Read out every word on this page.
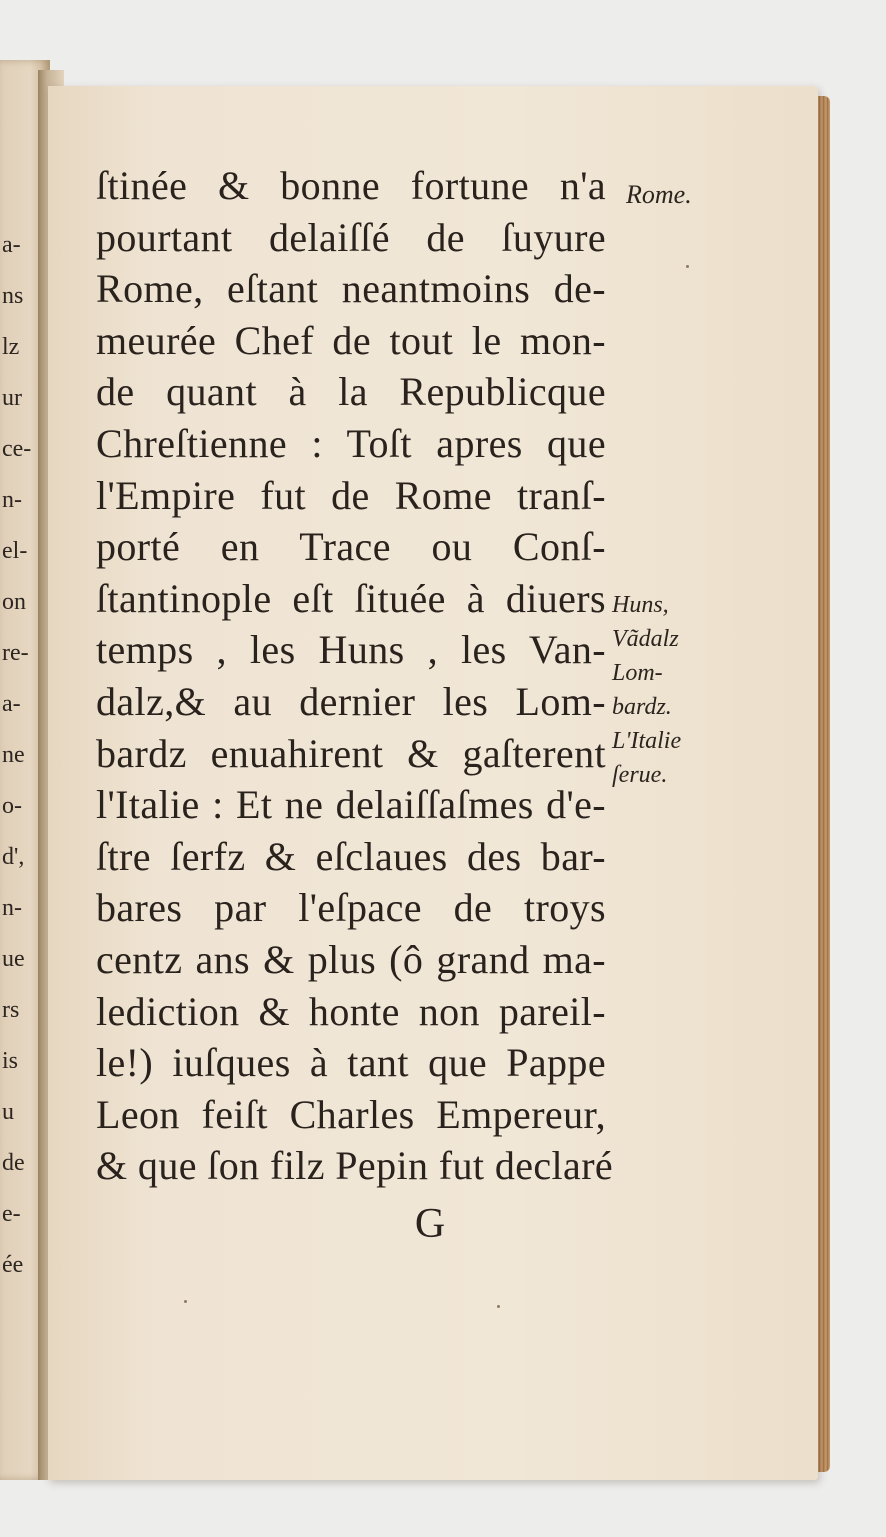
a-
ns
lz
ur
ce-
n-
el-
on
re-
a-
ne
o-
d',
n-
ue
rs
is
u
de
e-
ée
ſtinée & bonne fortune n'a
pourtant delaiſſé de ſuyure
Rome, eſtant neantmoins de-
meurée Chef de tout le mon-
de quant à la Republicque
Chreſtienne : Toſt apres que
l'Empire fut de Rome tranſ-
porté en Trace ou Conſ-
ſtantinople eſt ſituée à diuers
temps , les Huns , les Van-
dalz,& au dernier les Lom-
bardz enuahirent & gaſterent
l'Italie : Et ne delaiſſaſmes d'e-
ſtre ſerfz & eſclaues des bar-
bares par l'eſpace de troys
centz ans & plus (ô grand ma-
lediction & honte non pareil-
le!) iuſques à tant que Pappe
Leon feiſt Charles Empereur,
& que ſon filz Pepin fut declaré
G
Rome.
Huns,
Vãdalz
Lom-
bardz.
L'Italie
ſerue.
